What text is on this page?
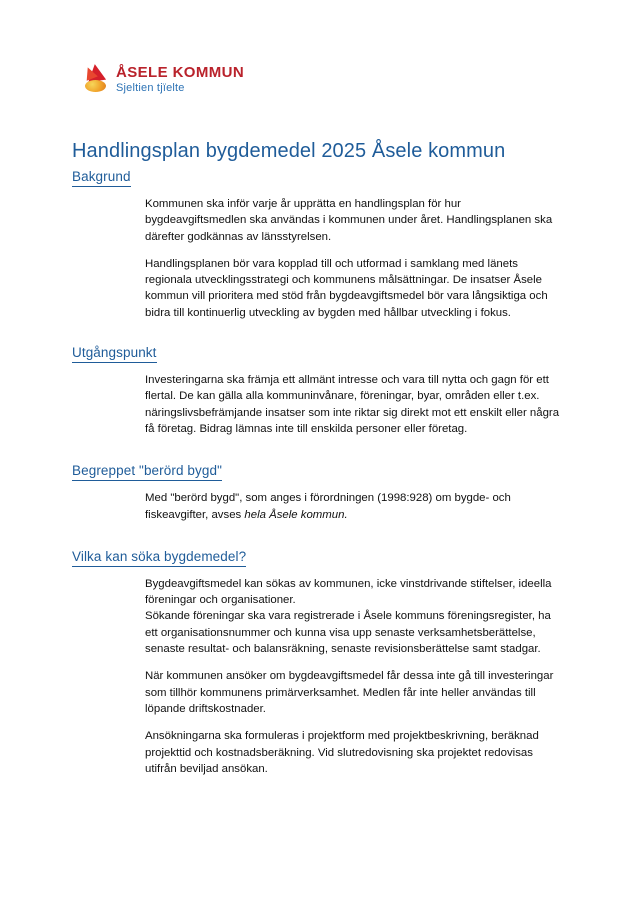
ÅSELE KOMMUN
Sjeltien tjïelte
Handlingsplan bygdemedel 2025 Åsele kommun
Bakgrund

Kommunen ska inför varje år upprätta en handlingsplan för hur bygdeavgiftsmedlen ska användas i kommunen under året. Handlingsplanen ska därefter godkännas av länsstyrelsen.

Handlingsplanen bör vara kopplad till och utformad i samklang med länets regionala utvecklingsstrategi och kommunens målsättningar. De insatser Åsele kommun vill prioritera med stöd från bygdeavgiftsmedel bör vara långsiktiga och bidra till kontinuerlig utveckling av bygden med hållbar utveckling i fokus.

Utgångspunkt

Investeringarna ska främja ett allmänt intresse och vara till nytta och gagn för ett flertal. De kan gälla alla kommuninvånare, föreningar, byar, områden eller t.ex. näringslivsbefrämjande insatser som inte riktar sig direkt mot ett enskilt eller några få företag. Bidrag lämnas inte till enskilda personer eller företag.

Begreppet "berörd bygd"

Med "berörd bygd", som anges i förordningen (1998:928) om bygde- och fiskeavgifter, avses hela Åsele kommun.

Vilka kan söka bygdemedel?

Bygdeavgiftsmedel kan sökas av kommunen, icke vinstdrivande stiftelser, ideella föreningar och organisationer.

Sökande föreningar ska vara registrerade i Åsele kommuns föreningsregister, ha ett organisationsnummer och kunna visa upp senaste verksamhetsberättelse, senaste resultat- och balansräkning, senaste revisionsberättelse samt stadgar.

När kommunen ansöker om bygdeavgiftsmedel får dessa inte gå till investeringar som tillhör kommunens primärverksamhet. Medlen får inte heller användas till löpande driftskostnader.

Ansökningarna ska formuleras i projektform med projektbeskrivning, beräknad projekttid och kostnadsberäkning. Vid slutredovisning ska projektet redovisas utifrån beviljad ansökan.
